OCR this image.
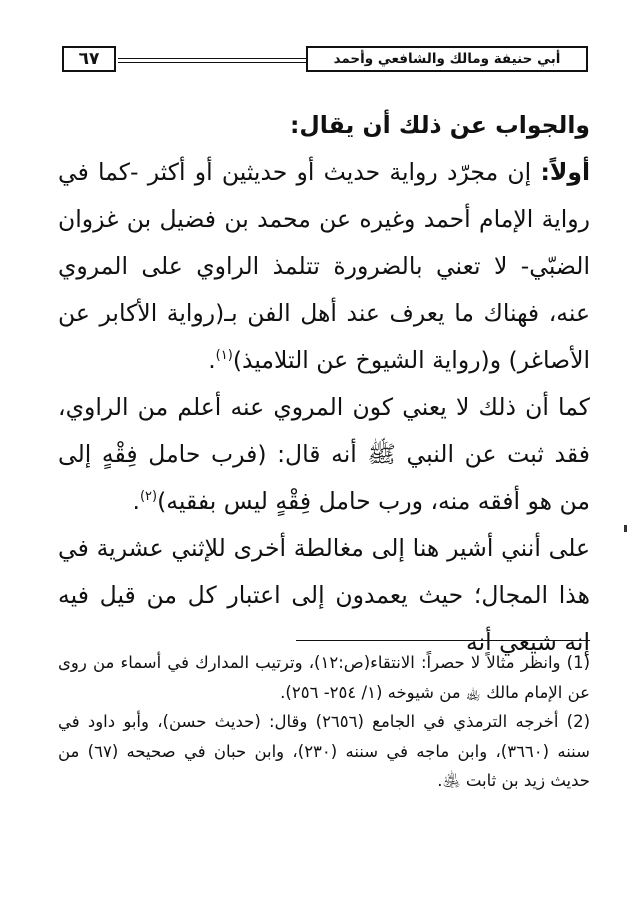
٦٧	أبي حنيفة ومالك والشافعي وأحمد

والجواب عن ذلك أن يقال:

أولاً: إن مجرّد رواية حديث أو حديثين أو أكثر -كما في رواية الإمام أحمد وغيره عن محمد بن فضيل بن غزوان الضبّي- لا تعني بالضرورة تتلمذ الراوي على المروي عنه، فهناك ما يعرف عند أهل الفن بـ(رواية الأكابر عن الأصاغر) و(رواية الشيوخ عن التلاميذ)$^{(١)}$.

كما أن ذلك لا يعني كون المروي عنه أعلم من الراوي، فقد ثبت عن النبي ﷺ أنه قال: (فرب حامل فِقْهٍ إلى من هو أفقه منه، ورب حامل فِقْهٍ ليس بفقيه)$^{(٢)}$.

على أنني أشير هنا إلى مغالطة أخرى للإثني عشرية في هذا المجال؛ حيث يعمدون إلى اعتبار كل من قيل فيه إنه شيعي أنه

(1) وانظر مثالاً لا حصراً: الانتقاء(ص:١٢)، وترتيب المدارك في أسماء من روى عن الإمام مالك ﵀ من شيوخه (١/ ٢٥٤- ٢٥٦).

(2) أخرجه الترمذي في الجامع (٢٦٥٦) وقال: (حديث حسن)، وأبو داود في سننه (٣٦٦٠)، وابن ماجه في سننه (٢٣٠)، وابن حبان في صحيحه (٦٧) من حديث زيد بن ثابت ﵁.
